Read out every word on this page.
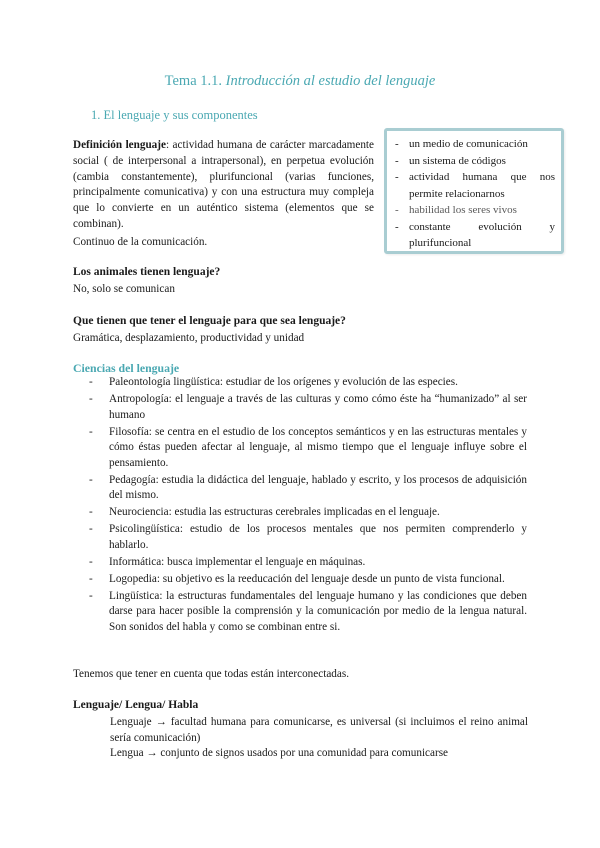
Tema 1.1. Introducción al estudio del lenguaje
1. El lenguaje y sus componentes
Definición lenguaje: actividad humana de carácter marcadamente social ( de interpersonal a intrapersonal), en perpetua evolución (cambia constantemente), plurifuncional (varias funciones, principalmente comunicativa) y con una estructura muy compleja que lo convierte en un auténtico sistema (elementos que se combinan).
Continuo de la comunicación.
- un medio de comunicación
- un sistema de códigos
- actividad humana que nos permite relacionarnos
- habilidad los seres vivos
- constante evolución y plurifuncional
Los animales tienen lenguaje?
No, solo se comunican
Que tienen que tener el lenguaje para que sea lenguaje?
Gramática, desplazamiento, productividad y unidad
Ciencias del lenguaje
- Paleontología lingüística: estudiar de los orígenes y evolución de las especies.
- Antropología: el lenguaje a través de las culturas y como cómo éste ha “humanizado” al ser humano
- Filosofía: se centra en el estudio de los conceptos semánticos y en las estructuras mentales y cómo éstas pueden afectar al lenguaje, al mismo tiempo que el lenguaje influye sobre el pensamiento.
- Pedagogía: estudia la didáctica del lenguaje, hablado y escrito, y los procesos de adquisición del mismo.
- Neurociencia: estudia las estructuras cerebrales implicadas en el lenguaje.
- Psicolingüística: estudio de los procesos mentales que nos permiten comprenderlo y hablarlo.
- Informática: busca implementar el lenguaje en máquinas.
- Logopedia: su objetivo es la reeducación del lenguaje desde un punto de vista funcional.
- Lingüística: la estructuras fundamentales del lenguaje humano y las condiciones que deben darse para hacer posible la comprensión y la comunicación por medio de la lengua natural. Son sonidos del habla y como se combinan entre si.
Tenemos que tener en cuenta que todas están interconectadas.
Lenguaje/ Lengua/ Habla
Lenguaje → facultad humana para comunicarse, es universal (si incluimos el reino animal sería comunicación)
Lengua → conjunto de signos usados por una comunidad para comunicarse
